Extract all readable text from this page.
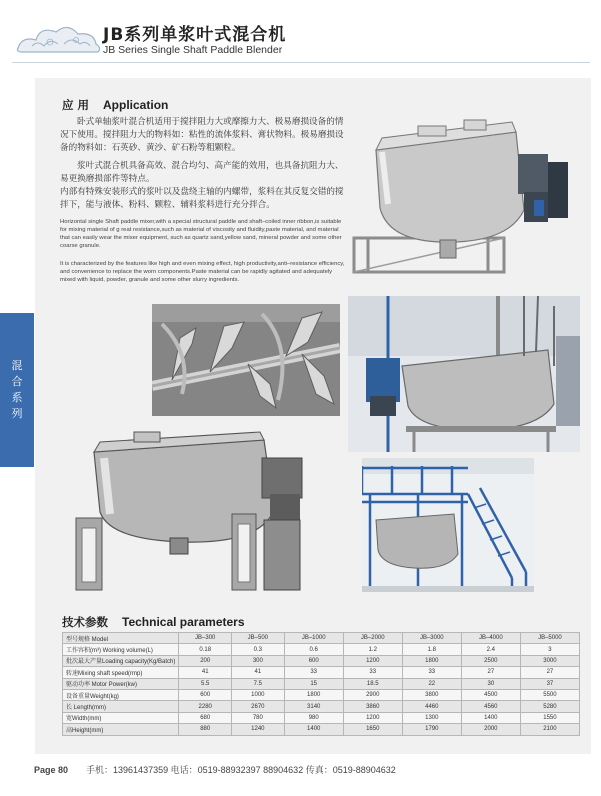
JB系列单浆叶式混合机
JB Series Single Shaft Paddle Blender
混
合
系
列
应 用 Application

卧式单轴浆叶混合机适用于搅拌阻力大或摩擦力大、极易磨损设备的情况下使用。搅拌阻力大的物料如：粘性的流体浆料、膏状物料。极易磨损设备的物料如：石英砂、黄沙、矿石粉等粗颗粒。

浆叶式混合机具备高效、混合均匀、高产能的效用，也具备抗阻力大、易更换磨损部件等特点。

内部有特殊安装形式的浆叶以及盘绕主轴的内螺带，浆料在其反复交错的搅拌下，能与液体、粉料、颗粒、辅料浆料进行充分拌合。

Horizontal single Shaft paddle mixer,with a special structural paddle and shaft–coiled inner ribbon,is suitable for mixing material of g reat resistance,such as material of viscosity and fluidity,paste material, and material that can easily wear the mixer equipment, such as quartz sand,yellow sand, mineral powder and some other coarse granule.

It is characterized by the features like high and even mixing effect, high productivity,anti–resistance efficiency, and convenience to replace the worn components.Paste material can be rapidly agitated and adequately mixed with liquid, powder, granule and some other slurry ingredients.

技术参数 Technical parameters
型号规格 Model	JB–300	JB–500	JB–1000	JB–2000	JB–3000	JB–4000	JB–5000
工作容积(m³) Working volume(L)	0.18	0.3	0.6	1.2	1.8	2.4	3
批次最大产量Loading capacity(Kg/Batch)	200	300	600	1200	1800	2500	3000
转速Mixing shaft speed(rmp)	41	41	33	33	33	27	27
驱动功率 Motor Power(kw)	5.5	7.5	15	18.5	22	30	37
设备重量Weight(kg)	600	1000	1800	2900	3800	4500	5500
长 Length(mm)	2280	2670	3140	3860	4460	4560	5280
宽Width(mm)	680	780	980	1200	1300	1400	1550
高Height(mm)	880	1240	1400	1650	1790	2000	2100
Page 80 手机：13961437359 电话：0519-88932397 88904632 传真：0519-88904632
